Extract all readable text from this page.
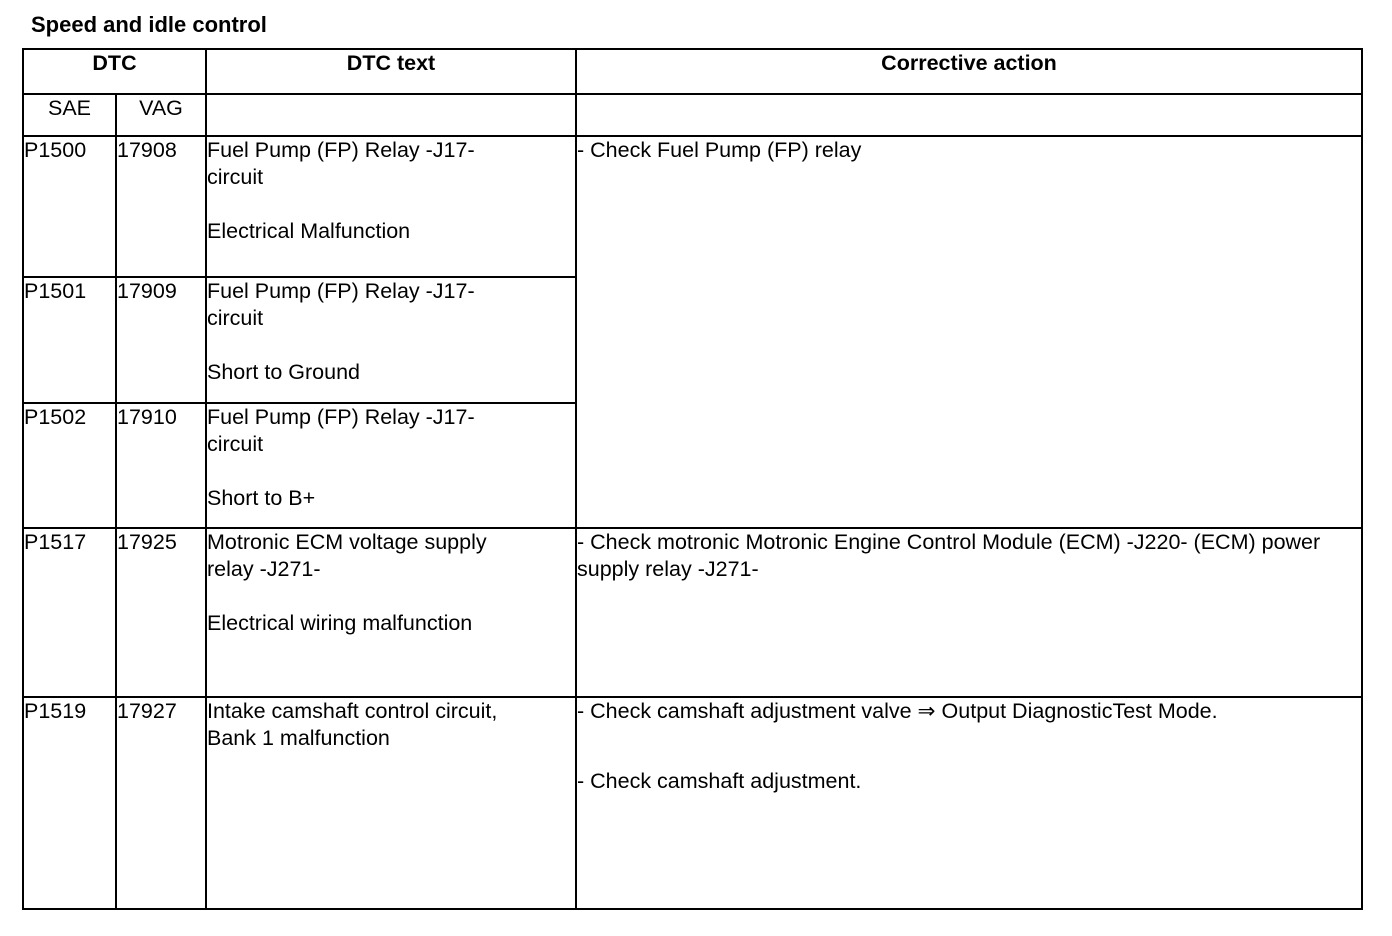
Speed and idle control
DTC		DTC text	Corrective action
SAE	VAG		
P1500	17908	Fuel Pump (FP) Relay -J17-
circuit
Electrical Malfunction	- Check Fuel Pump (FP) relay

P1501	17909	Fuel Pump (FP) Relay -J17-
circuit
Short to Ground	

P1502	17910	Fuel Pump (FP) Relay -J17-
circuit
Short to B+	

P1517	17925	Motronic ECM voltage supply
relay -J271-
Electrical wiring malfunction	- Check motronic Motronic Engine Control Module (ECM) -J220- (ECM) power supply relay -J271-

P1519	17927	Intake camshaft control circuit,
Bank 1 malfunction	- Check camshaft adjustment valve ⇒ Output DiagnosticTest Mode.
- Check camshaft adjustment.
